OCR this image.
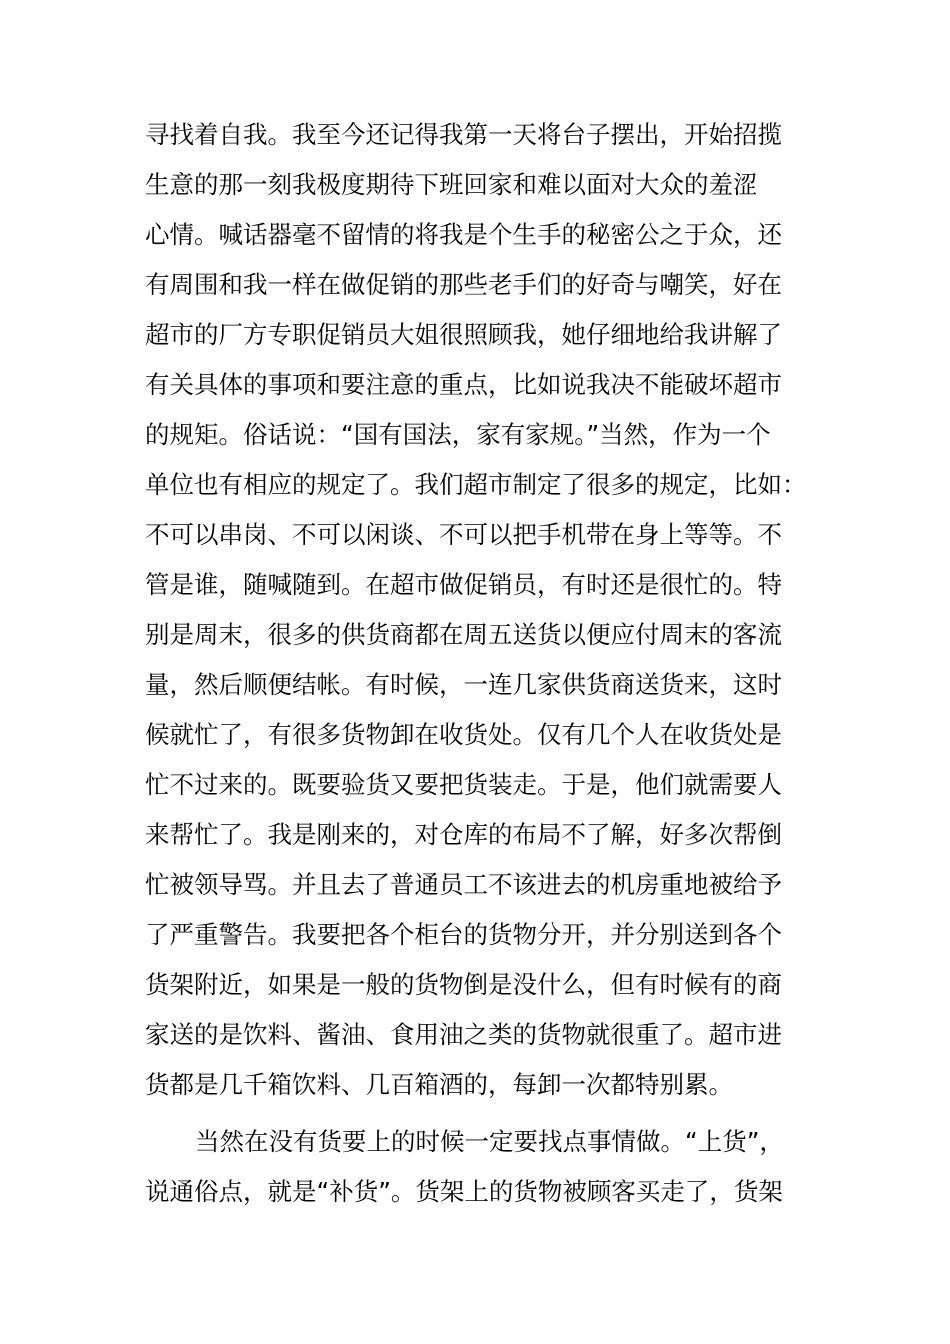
寻找着自我。我至今还记得我第一天将台子摆出，开始招揽
生意的那一刻我极度期待下班回家和难以面对大众的羞涩
心情。喊话器毫不留情的将我是个生手的秘密公之于众，还
有周围和我一样在做促销的那些老手们的好奇与嘲笑，好在
超市的厂方专职促销员大姐很照顾我，她仔细地给我讲解了
有关具体的事项和要注意的重点，比如说我决不能破坏超市
的规矩。俗话说：“国有国法，家有家规。”当然，作为一个
单位也有相应的规定了。我们超市制定了很多的规定，比如：
不可以串岗、不可以闲谈、不可以把手机带在身上等等。不
管是谁，随喊随到。在超市做促销员，有时还是很忙的。特
别是周末，很多的供货商都在周五送货以便应付周末的客流
量，然后顺便结帐。有时候，一连几家供货商送货来，这时
候就忙了，有很多货物卸在收货处。仅有几个人在收货处是
忙不过来的。既要验货又要把货装走。于是，他们就需要人
来帮忙了。我是刚来的，对仓库的布局不了解，好多次帮倒
忙被领导骂。并且去了普通员工不该进去的机房重地被给予
了严重警告。我要把各个柜台的货物分开，并分别送到各个
货架附近，如果是一般的货物倒是没什么，但有时候有的商
家送的是饮料、酱油、食用油之类的货物就很重了。超市进
货都是几千箱饮料、几百箱酒的，每卸一次都特别累。
当然在没有货要上的时候一定要找点事情做。“上货”，
说通俗点，就是“补货”。货架上的货物被顾客买走了，货架
